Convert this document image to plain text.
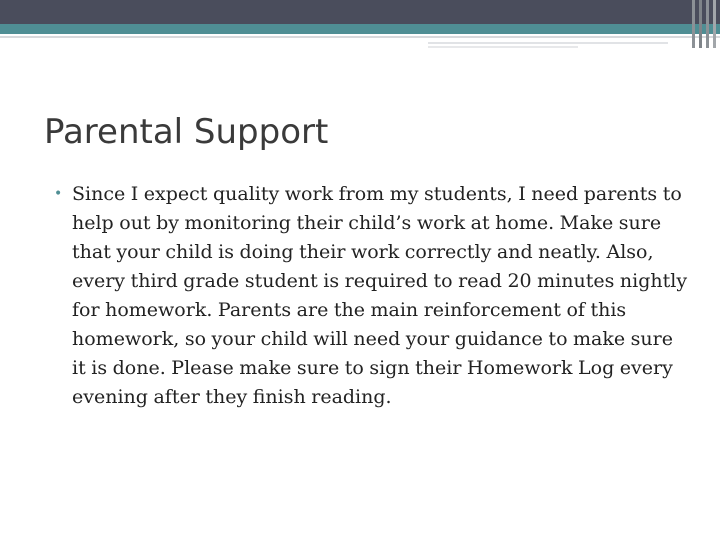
Parental Support
• Since I expect quality work from my students, I need parents to help out by monitoring their child’s work at home. Make sure that your child is doing their work correctly and neatly. Also, every third grade student is required to read 20 minutes nightly for homework. Parents are the main reinforcement of this homework, so your child will need your guidance to make sure it is done. Please make sure to sign their Homework Log every evening after they finish reading.
